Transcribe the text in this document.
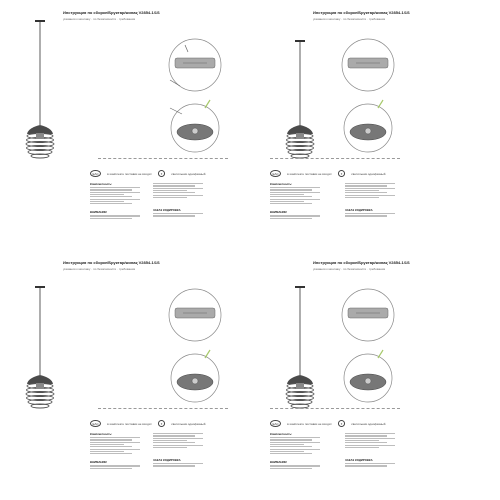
Инструкция по сборке/Бруктар/жинақ V2854-1/1S
указания к монтажу · по безопасности · требования
EAC	в комплекте поставки не входит	✦	светильник однофазный
Комплектность:
ВНИМАНИЕ!
ЗАКАЗ КОДИРОВКА
Инструкция по сборке/Бруктар/жинақ V2854-1/1S
указания к монтажу · по безопасности · требования
EAC	в комплекте поставки не входит	✦	светильник однофазный
Комплектность:
ВНИМАНИЕ!
ЗАКАЗ КОДИРОВКА
Инструкция по сборке/Бруктар/жинақ V2854-1/1S
указания к монтажу · по безопасности · требования
EAC	в комплекте поставки не входит	✦	светильник однофазный
Комплектность:
ВНИМАНИЕ!
ЗАКАЗ КОДИРОВКА
Инструкция по сборке/Бруктар/жинақ V2854-1/1S
указания к монтажу · по безопасности · требования
EAC	в комплекте поставки не входит	✦	светильник однофазный
Комплектность:
ВНИМАНИЕ!
ЗАКАЗ КОДИРОВКА
